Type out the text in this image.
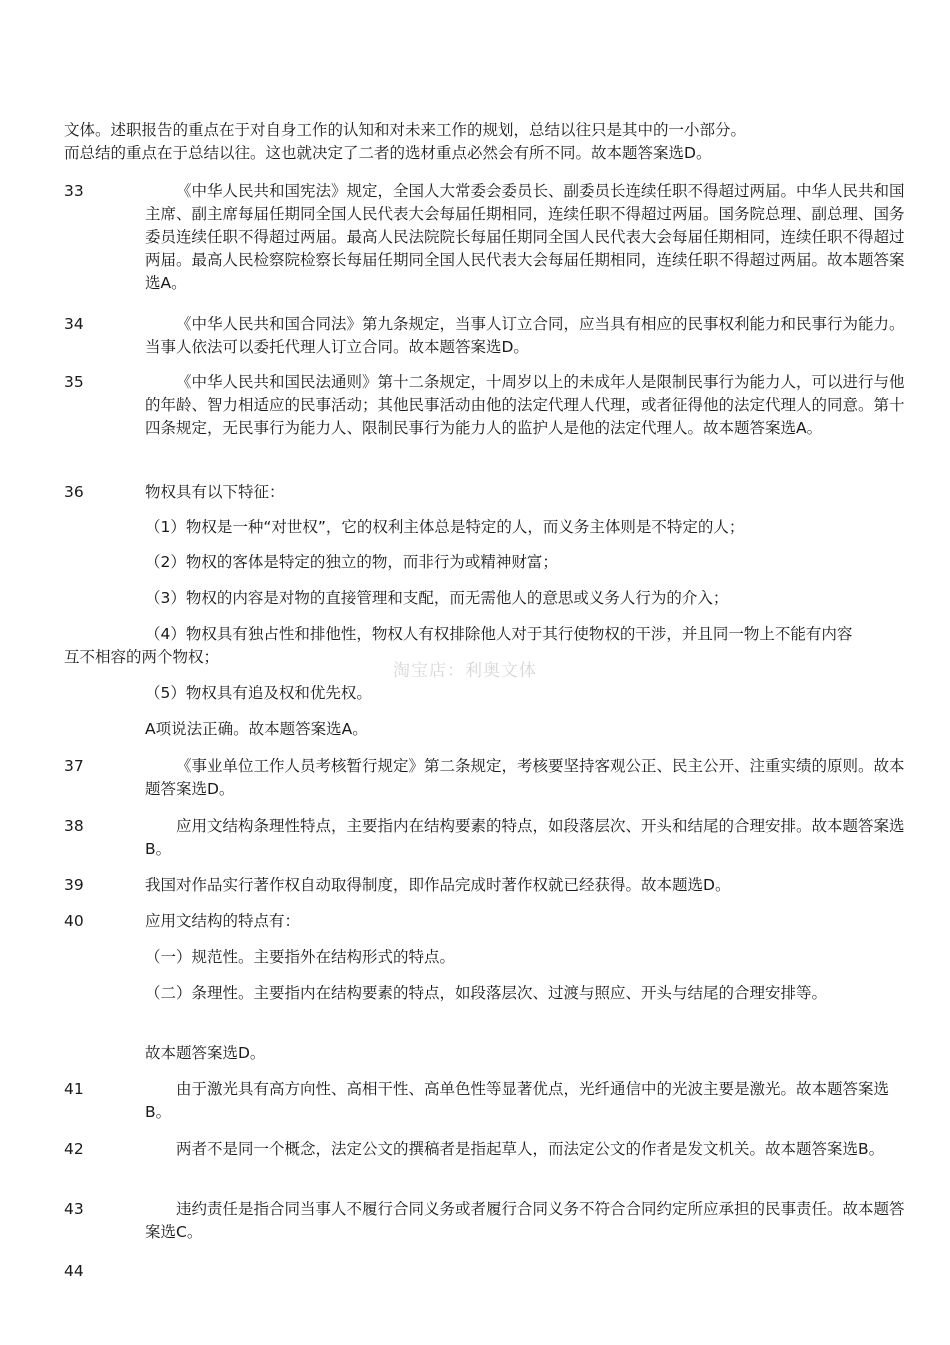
文体。述职报告的重点在于对自身工作的认知和对未来工作的规划，总结以往只是其中的一小部分。

而总结的重点在于总结以往。这也就决定了二者的选材重点必然会有所不同。故本题答案选D。

33	《中华人民共和国宪法》规定，全国人大常委会委员长、副委员长连续任职不得超过两届。中华人民共和国主席、副主席每届任期同全国人民代表大会每届任期相同，连续任职不得超过两届。国务院总理、副总理、国务委员连续任职不得超过两届。最高人民法院院长每届任期同全国人民代表大会每届任期相同，连续任职不得超过两届。最高人民检察院检察长每届任期同全国人民代表大会每届任期相同，连续任职不得超过两届。故本题答案选A。
34	《中华人民共和国合同法》第九条规定，当事人订立合同，应当具有相应的民事权利能力和民事行为能力。当事人依法可以委托代理人订立合同。故本题答案选D。
35	《中华人民共和国民法通则》第十二条规定，十周岁以上的未成年人是限制民事行为能力人，可以进行与他的年龄、智力相适应的民事活动；其他民事活动由他的法定代理人代理，或者征得他的法定代理人的同意。第十四条规定，无民事行为能力人、限制民事行为能力人的监护人是他的法定代理人。故本题答案选A。
36	物权具有以下特征：
（1）物权是一种“对世权”，它的权利主体总是特定的人，而义务主体则是不特定的人；
（2）物权的客体是特定的独立的物，而非行为或精神财富；
（3）物权的内容是对物的直接管理和支配，而无需他人的意思或义务人行为的介入；
（4）物权具有独占性和排他性，物权人有权排除他人对于其行使物权的干涉，并且同一物上不能有内容互不相容的两个物权；
（5）物权具有追及权和优先权。
A项说法正确。故本题答案选A。
37	《事业单位工作人员考核暂行规定》第二条规定，考核要坚持客观公正、民主公开、注重实绩的原则。故本题答案选D。
38	应用文结构条理性特点，主要指内在结构要素的特点，如段落层次、开头和结尾的合理安排。故本题答案选B。
39	我国对作品实行著作权自动取得制度，即作品完成时著作权就已经获得。故本题选D。
40	应用文结构的特点有：
（一）规范性。主要指外在结构形式的特点。
（二）条理性。主要指内在结构要素的特点，如段落层次、过渡与照应、开头与结尾的合理安排等。
故本题答案选D。
41	由于激光具有高方向性、高相干性、高单色性等显著优点，光纤通信中的光波主要是激光。故本题答案选B。
42	两者不是同一个概念，法定公文的撰稿者是指起草人，而法定公文的作者是发文机关。故本题答案选B。
43	违约责任是指合同当事人不履行合同义务或者履行合同义务不符合合同约定所应承担的民事责任。故本题答案选C。
44
淘宝店：利奥文体
